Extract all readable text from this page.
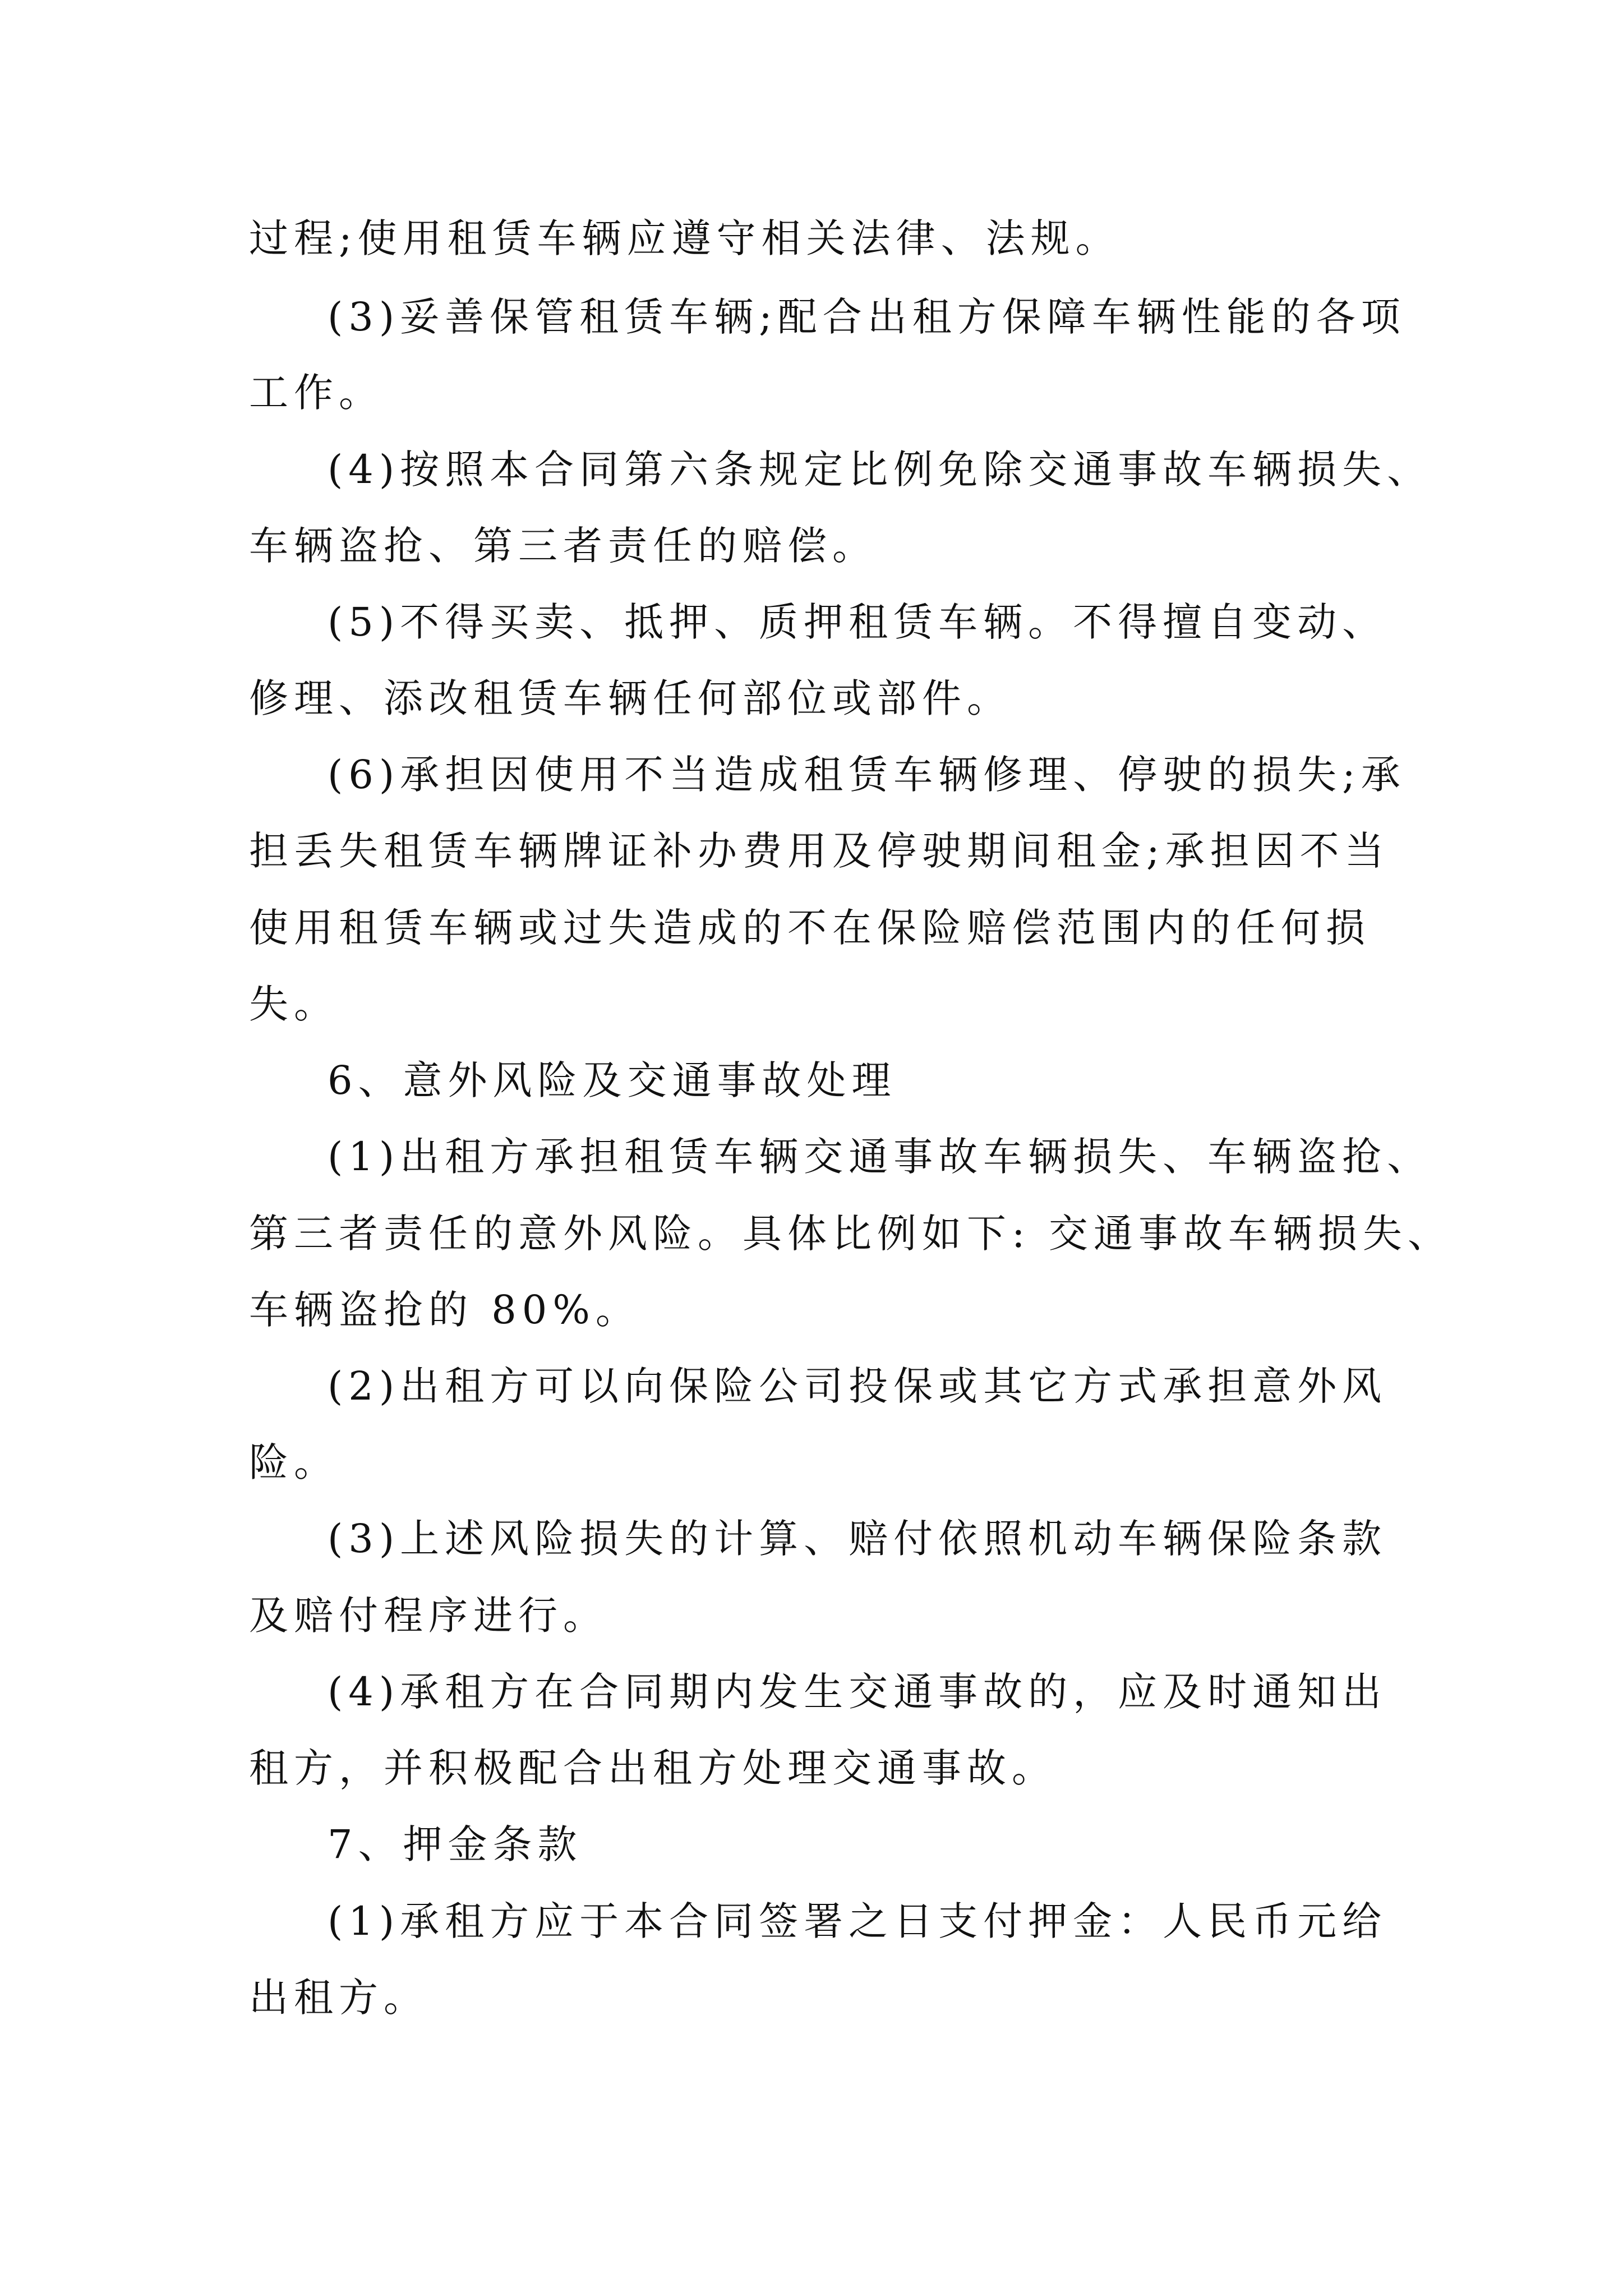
过程;使用租赁车辆应遵守相关法律、法规。
(3)妥善保管租赁车辆;配合出租方保障车辆性能的各项
工作。
(4)按照本合同第六条规定比例免除交通事故车辆损失、
车辆盗抢、第三者责任的赔偿。
(5)不得买卖、抵押、质押租赁车辆。不得擅自变动、
修理、添改租赁车辆任何部位或部件。
(6)承担因使用不当造成租赁车辆修理、停驶的损失;承
担丢失租赁车辆牌证补办费用及停驶期间租金;承担因不当
使用租赁车辆或过失造成的不在保险赔偿范围内的任何损
失。
6、意外风险及交通事故处理
(1)出租方承担租赁车辆交通事故车辆损失、车辆盗抢、
第三者责任的意外风险。具体比例如下: 交通事故车辆损失、
车辆盗抢的 80%。
(2)出租方可以向保险公司投保或其它方式承担意外风
险。
(3)上述风险损失的计算、赔付依照机动车辆保险条款
及赔付程序进行。
(4)承租方在合同期内发生交通事故的，应及时通知出
租方，并积极配合出租方处理交通事故。
7、押金条款
(1)承租方应于本合同签署之日支付押金：人民币元给
出租方。
